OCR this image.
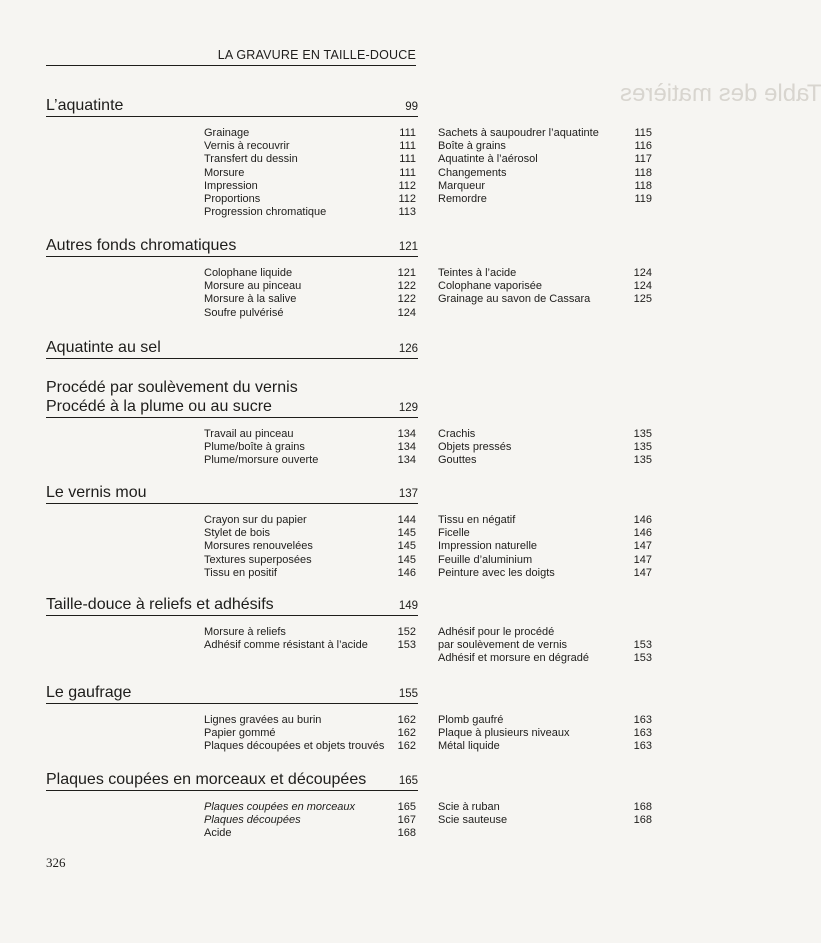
Table des matières
LA GRAVURE EN TAILLE-DOUCE
L’aquatinte	99
Grainage	111
Vernis à recouvrir	111
Transfert du dessin	111
Morsure	111
Impression	112
Proportions	112
Progression chromatique	113
Sachets à saupoudrer l’aquatinte	115
Boîte à grains	116
Aquatinte à l’aérosol	117
Changements	118
Marqueur	118
Remordre	119
Autres fonds chromatiques	121
Colophane liquide	121
Morsure au pinceau	122
Morsure à la salive	122
Soufre pulvérisé	124
Teintes à l’acide	124
Colophane vaporisée	124
Grainage au savon de Cassara	125
Aquatinte au sel	126
Procédé par soulèvement du vernis
Procédé à la plume ou au sucre	129
Travail au pinceau	134
Plume/boîte à grains	134
Plume/morsure ouverte	134
Crachis	135
Objets pressés	135
Gouttes	135
Le vernis mou	137
Crayon sur du papier	144
Stylet de bois	145
Morsures renouvelées	145
Textures superposées	145
Tissu en positif	146
Tissu en négatif	146
Ficelle	146
Impression naturelle	147
Feuille d’aluminium	147
Peinture avec les doigts	147
Taille-douce à reliefs et adhésifs	149
Morsure à reliefs	152
Adhésif comme résistant à l’acide	153
Adhésif pour le procédé
par soulèvement de vernis	153
Adhésif et morsure en dégradé	153
Le gaufrage	155
Lignes gravées au burin	162
Papier gommé	162
Plaques découpées et objets trouvés	162
Plomb gaufré	163
Plaque à plusieurs niveaux	163
Métal liquide	163
Plaques coupées en morceaux et découpées	165
Plaques coupées en morceaux	165
Plaques découpées	167
Acide	168
Scie à ruban	168
Scie sauteuse	168
326
